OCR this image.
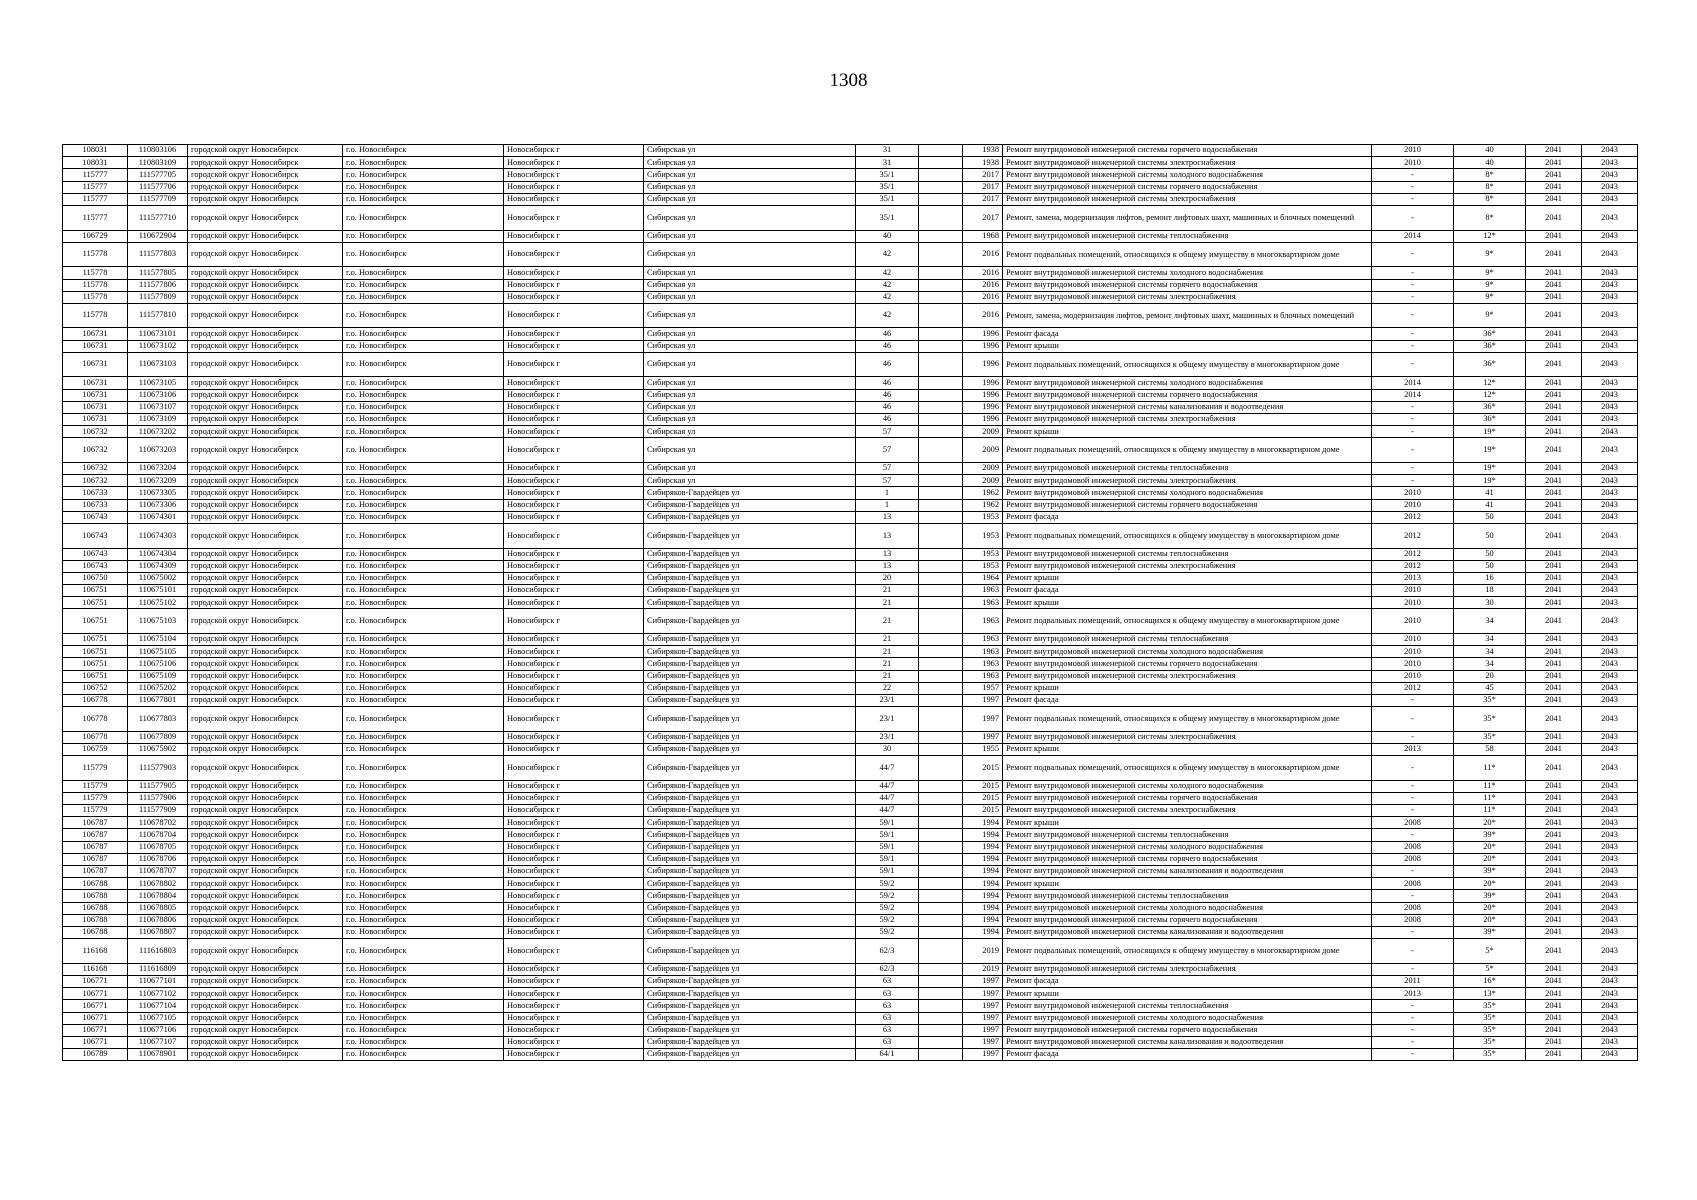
1308
108031	110803106	городской округ Новосибирск	г.о. Новосибирск	Новосибирск г	Сибирская ул	31		1938	Ремонт внутридомовой инженерной системы горячего водоснабжения	2010	40	2041	2043
108031	110803109	городской округ Новосибирск	г.о. Новосибирск	Новосибирск г	Сибирская ул	31		1938	Ремонт внутридомовой инженерной системы электроснабжения	2010	40	2041	2043
115777	111577705	городской округ Новосибирск	г.о. Новосибирск	Новосибирск г	Сибирская ул	35/1		2017	Ремонт внутридомовой инженерной системы холодного водоснабжения	-	8*	2041	2043
115777	111577706	городской округ Новосибирск	г.о. Новосибирск	Новосибирск г	Сибирская ул	35/1		2017	Ремонт внутридомовой инженерной системы горячего водоснабжения	-	8*	2041	2043
115777	111577709	городской округ Новосибирск	г.о. Новосибирск	Новосибирск г	Сибирская ул	35/1		2017	Ремонт внутридомовой инженерной системы электроснабжения	-	8*	2041	2043
115777	111577710	городской округ Новосибирск	г.о. Новосибирск	Новосибирск г	Сибирская ул	35/1		2017	Ремонт, замена, модернизация лифтов, ремонт лифтовых шахт, машинных и блочных помещений	-	8*	2041	2043
106729	110672904	городской округ Новосибирск	г.о. Новосибирск	Новосибирск г	Сибирская ул	40		1968	Ремонт внутридомовой инженерной системы теплоснабжения	2014	12*	2041	2043
115778	111577803	городской округ Новосибирск	г.о. Новосибирск	Новосибирск г	Сибирская ул	42		2016	Ремонт подвальных помещений, относящихся к общему имуществу в многоквартирном доме	-	9*	2041	2043
115778	111577805	городской округ Новосибирск	г.о. Новосибирск	Новосибирск г	Сибирская ул	42		2016	Ремонт внутридомовой инженерной системы холодного водоснабжения	-	9*	2041	2043
115778	111577806	городской округ Новосибирск	г.о. Новосибирск	Новосибирск г	Сибирская ул	42		2016	Ремонт внутридомовой инженерной системы горячего водоснабжения	-	9*	2041	2043
115778	111577809	городской округ Новосибирск	г.о. Новосибирск	Новосибирск г	Сибирская ул	42		2016	Ремонт внутридомовой инженерной системы электроснабжения	-	9*	2041	2043
115778	111577810	городской округ Новосибирск	г.о. Новосибирск	Новосибирск г	Сибирская ул	42		2016	Ремонт, замена, модернизация лифтов, ремонт лифтовых шахт, машинных и блочных помещений	-	9*	2041	2043
106731	110673101	городской округ Новосибирск	г.о. Новосибирск	Новосибирск г	Сибирская ул	46		1996	Ремонт фасада	-	36*	2041	2043
106731	110673102	городской округ Новосибирск	г.о. Новосибирск	Новосибирск г	Сибирская ул	46		1996	Ремонт крыши	-	36*	2041	2043
106731	110673103	городской округ Новосибирск	г.о. Новосибирск	Новосибирск г	Сибирская ул	46		1996	Ремонт подвальных помещений, относящихся к общему имуществу в многоквартирном доме	-	36*	2041	2043
106731	110673105	городской округ Новосибирск	г.о. Новосибирск	Новосибирск г	Сибирская ул	46		1996	Ремонт внутридомовой инженерной системы холодного водоснабжения	2014	12*	2041	2043
106731	110673106	городской округ Новосибирск	г.о. Новосибирск	Новосибирск г	Сибирская ул	46		1996	Ремонт внутридомовой инженерной системы горячего водоснабжения	2014	12*	2041	2043
106731	110673107	городской округ Новосибирск	г.о. Новосибирск	Новосибирск г	Сибирская ул	46		1996	Ремонт внутридомовой инженерной системы канализования и водоотведения	-	36*	2041	2043
106731	110673109	городской округ Новосибирск	г.о. Новосибирск	Новосибирск г	Сибирская ул	46		1996	Ремонт внутридомовой инженерной системы электроснабжения	-	36*	2041	2043
106732	110673202	городской округ Новосибирск	г.о. Новосибирск	Новосибирск г	Сибирская ул	57		2009	Ремонт крыши	-	19*	2041	2043
106732	110673203	городской округ Новосибирск	г.о. Новосибирск	Новосибирск г	Сибирская ул	57		2009	Ремонт подвальных помещений, относящихся к общему имуществу в многоквартирном доме	-	19*	2041	2043
106732	110673204	городской округ Новосибирск	г.о. Новосибирск	Новосибирск г	Сибирская ул	57		2009	Ремонт внутридомовой инженерной системы теплоснабжения	-	19*	2041	2043
106732	110673209	городской округ Новосибирск	г.о. Новосибирск	Новосибирск г	Сибирская ул	57		2009	Ремонт внутридомовой инженерной системы электроснабжения	-	19*	2041	2043
106733	110673305	городской округ Новосибирск	г.о. Новосибирск	Новосибирск г	Сибиряков-Гвардейцев ул	1		1962	Ремонт внутридомовой инженерной системы холодного водоснабжения	2010	41	2041	2043
106733	110673306	городской округ Новосибирск	г.о. Новосибирск	Новосибирск г	Сибиряков-Гвардейцев ул	1		1962	Ремонт внутридомовой инженерной системы горячего водоснабжения	2010	41	2041	2043
106743	110674301	городской округ Новосибирск	г.о. Новосибирск	Новосибирск г	Сибиряков-Гвардейцев ул	13		1953	Ремонт фасада	2012	50	2041	2043
106743	110674303	городской округ Новосибирск	г.о. Новосибирск	Новосибирск г	Сибиряков-Гвардейцев ул	13		1953	Ремонт подвальных помещений, относящихся к общему имуществу в многоквартирном доме	2012	50	2041	2043
106743	110674304	городской округ Новосибирск	г.о. Новосибирск	Новосибирск г	Сибиряков-Гвардейцев ул	13		1953	Ремонт внутридомовой инженерной системы теплоснабжения	2012	50	2041	2043
106743	110674309	городской округ Новосибирск	г.о. Новосибирск	Новосибирск г	Сибиряков-Гвардейцев ул	13		1953	Ремонт внутридомовой инженерной системы электроснабжения	2012	50	2041	2043
106750	110675002	городской округ Новосибирск	г.о. Новосибирск	Новосибирск г	Сибиряков-Гвардейцев ул	20		1964	Ремонт крыши	2013	16	2041	2043
106751	110675101	городской округ Новосибирск	г.о. Новосибирск	Новосибирск г	Сибиряков-Гвардейцев ул	21		1963	Ремонт фасада	2010	18	2041	2043
106751	110675102	городской округ Новосибирск	г.о. Новосибирск	Новосибирск г	Сибиряков-Гвардейцев ул	21		1963	Ремонт крыши	2010	30	2041	2043
106751	110675103	городской округ Новосибирск	г.о. Новосибирск	Новосибирск г	Сибиряков-Гвардейцев ул	21		1963	Ремонт подвальных помещений, относящихся к общему имуществу в многоквартирном доме	2010	34	2041	2043
106751	110675104	городской округ Новосибирск	г.о. Новосибирск	Новосибирск г	Сибиряков-Гвардейцев ул	21		1963	Ремонт внутридомовой инженерной системы теплоснабжения	2010	34	2041	2043
106751	110675105	городской округ Новосибирск	г.о. Новосибирск	Новосибирск г	Сибиряков-Гвардейцев ул	21		1963	Ремонт внутридомовой инженерной системы холодного водоснабжения	2010	34	2041	2043
106751	110675106	городской округ Новосибирск	г.о. Новосибирск	Новосибирск г	Сибиряков-Гвардейцев ул	21		1963	Ремонт внутридомовой инженерной системы горячего водоснабжения	2010	34	2041	2043
106751	110675109	городской округ Новосибирск	г.о. Новосибирск	Новосибирск г	Сибиряков-Гвардейцев ул	21		1963	Ремонт внутридомовой инженерной системы электроснабжения	2010	20	2041	2043
106752	110675202	городской округ Новосибирск	г.о. Новосибирск	Новосибирск г	Сибиряков-Гвардейцев ул	22		1957	Ремонт крыши	2012	45	2041	2043
106778	110677801	городской округ Новосибирск	г.о. Новосибирск	Новосибирск г	Сибиряков-Гвардейцев ул	23/1		1997	Ремонт фасада	-	35*	2041	2043
106778	110677803	городской округ Новосибирск	г.о. Новосибирск	Новосибирск г	Сибиряков-Гвардейцев ул	23/1		1997	Ремонт подвальных помещений, относящихся к общему имуществу в многоквартирном доме	-	35*	2041	2043
106778	110677809	городской округ Новосибирск	г.о. Новосибирск	Новосибирск г	Сибиряков-Гвардейцев ул	23/1		1997	Ремонт внутридомовой инженерной системы электроснабжения	-	35*	2041	2043
106759	110675902	городской округ Новосибирск	г.о. Новосибирск	Новосибирск г	Сибиряков-Гвардейцев ул	30		1955	Ремонт крыши	2013	58	2041	2043
115779	111577903	городской округ Новосибирск	г.о. Новосибирск	Новосибирск г	Сибиряков-Гвардейцев ул	44/7		2015	Ремонт подвальных помещений, относящихся к общему имуществу в многоквартирном доме	-	11*	2041	2043
115779	111577905	городской округ Новосибирск	г.о. Новосибирск	Новосибирск г	Сибиряков-Гвардейцев ул	44/7		2015	Ремонт внутридомовой инженерной системы холодного водоснабжения	-	11*	2041	2043
115779	111577906	городской округ Новосибирск	г.о. Новосибирск	Новосибирск г	Сибиряков-Гвардейцев ул	44/7		2015	Ремонт внутридомовой инженерной системы горячего водоснабжения	-	11*	2041	2043
115779	111577909	городской округ Новосибирск	г.о. Новосибирск	Новосибирск г	Сибиряков-Гвардейцев ул	44/7		2015	Ремонт внутридомовой инженерной системы электроснабжения	-	11*	2041	2043
106787	110678702	городской округ Новосибирск	г.о. Новосибирск	Новосибирск г	Сибиряков-Гвардейцев ул	59/1		1994	Ремонт крыши	2008	20*	2041	2043
106787	110678704	городской округ Новосибирск	г.о. Новосибирск	Новосибирск г	Сибиряков-Гвардейцев ул	59/1		1994	Ремонт внутридомовой инженерной системы теплоснабжения	-	39*	2041	2043
106787	110678705	городской округ Новосибирск	г.о. Новосибирск	Новосибирск г	Сибиряков-Гвардейцев ул	59/1		1994	Ремонт внутридомовой инженерной системы холодного водоснабжения	2008	20*	2041	2043
106787	110678706	городской округ Новосибирск	г.о. Новосибирск	Новосибирск г	Сибиряков-Гвардейцев ул	59/1		1994	Ремонт внутридомовой инженерной системы горячего водоснабжения	2008	20*	2041	2043
106787	110678707	городской округ Новосибирск	г.о. Новосибирск	Новосибирск г	Сибиряков-Гвардейцев ул	59/1		1994	Ремонт внутридомовой инженерной системы канализования и водоотведения	-	39*	2041	2043
106788	110678802	городской округ Новосибирск	г.о. Новосибирск	Новосибирск г	Сибиряков-Гвардейцев ул	59/2		1994	Ремонт крыши	2008	20*	2041	2043
106788	110678804	городской округ Новосибирск	г.о. Новосибирск	Новосибирск г	Сибиряков-Гвардейцев ул	59/2		1994	Ремонт внутридомовой инженерной системы теплоснабжения	-	39*	2041	2043
106788	110678805	городской округ Новосибирск	г.о. Новосибирск	Новосибирск г	Сибиряков-Гвардейцев ул	59/2		1994	Ремонт внутридомовой инженерной системы холодного водоснабжения	2008	20*	2041	2043
106788	110678806	городской округ Новосибирск	г.о. Новосибирск	Новосибирск г	Сибиряков-Гвардейцев ул	59/2		1994	Ремонт внутридомовой инженерной системы горячего водоснабжения	2008	20*	2041	2043
106788	110678807	городской округ Новосибирск	г.о. Новосибирск	Новосибирск г	Сибиряков-Гвардейцев ул	59/2		1994	Ремонт внутридомовой инженерной системы канализования и водоотведения	-	39*	2041	2043
116168	111616803	городской округ Новосибирск	г.о. Новосибирск	Новосибирск г	Сибиряков-Гвардейцев ул	62/3		2019	Ремонт подвальных помещений, относящихся к общему имуществу в многоквартирном доме	-	5*	2041	2043
116168	111616809	городской округ Новосибирск	г.о. Новосибирск	Новосибирск г	Сибиряков-Гвардейцев ул	62/3		2019	Ремонт внутридомовой инженерной системы электроснабжения	-	5*	2041	2043
106771	110677101	городской округ Новосибирск	г.о. Новосибирск	Новосибирск г	Сибиряков-Гвардейцев ул	63		1997	Ремонт фасада	2011	16*	2041	2043
106771	110677102	городской округ Новосибирск	г.о. Новосибирск	Новосибирск г	Сибиряков-Гвардейцев ул	63		1997	Ремонт крыши	2013	13*	2041	2043
106771	110677104	городской округ Новосибирск	г.о. Новосибирск	Новосибирск г	Сибиряков-Гвардейцев ул	63		1997	Ремонт внутридомовой инженерной системы теплоснабжения	-	35*	2041	2043
106771	110677105	городской округ Новосибирск	г.о. Новосибирск	Новосибирск г	Сибиряков-Гвардейцев ул	63		1997	Ремонт внутридомовой инженерной системы холодного водоснабжения	-	35*	2041	2043
106771	110677106	городской округ Новосибирск	г.о. Новосибирск	Новосибирск г	Сибиряков-Гвардейцев ул	63		1997	Ремонт внутридомовой инженерной системы горячего водоснабжения	-	35*	2041	2043
106771	110677107	городской округ Новосибирск	г.о. Новосибирск	Новосибирск г	Сибиряков-Гвардейцев ул	63		1997	Ремонт внутридомовой инженерной системы канализования и водоотведения	-	35*	2041	2043
106789	110678901	городской округ Новосибирск	г.о. Новосибирск	Новосибирск г	Сибиряков-Гвардейцев ул	64/1		1997	Ремонт фасада	-	35*	2041	2043
